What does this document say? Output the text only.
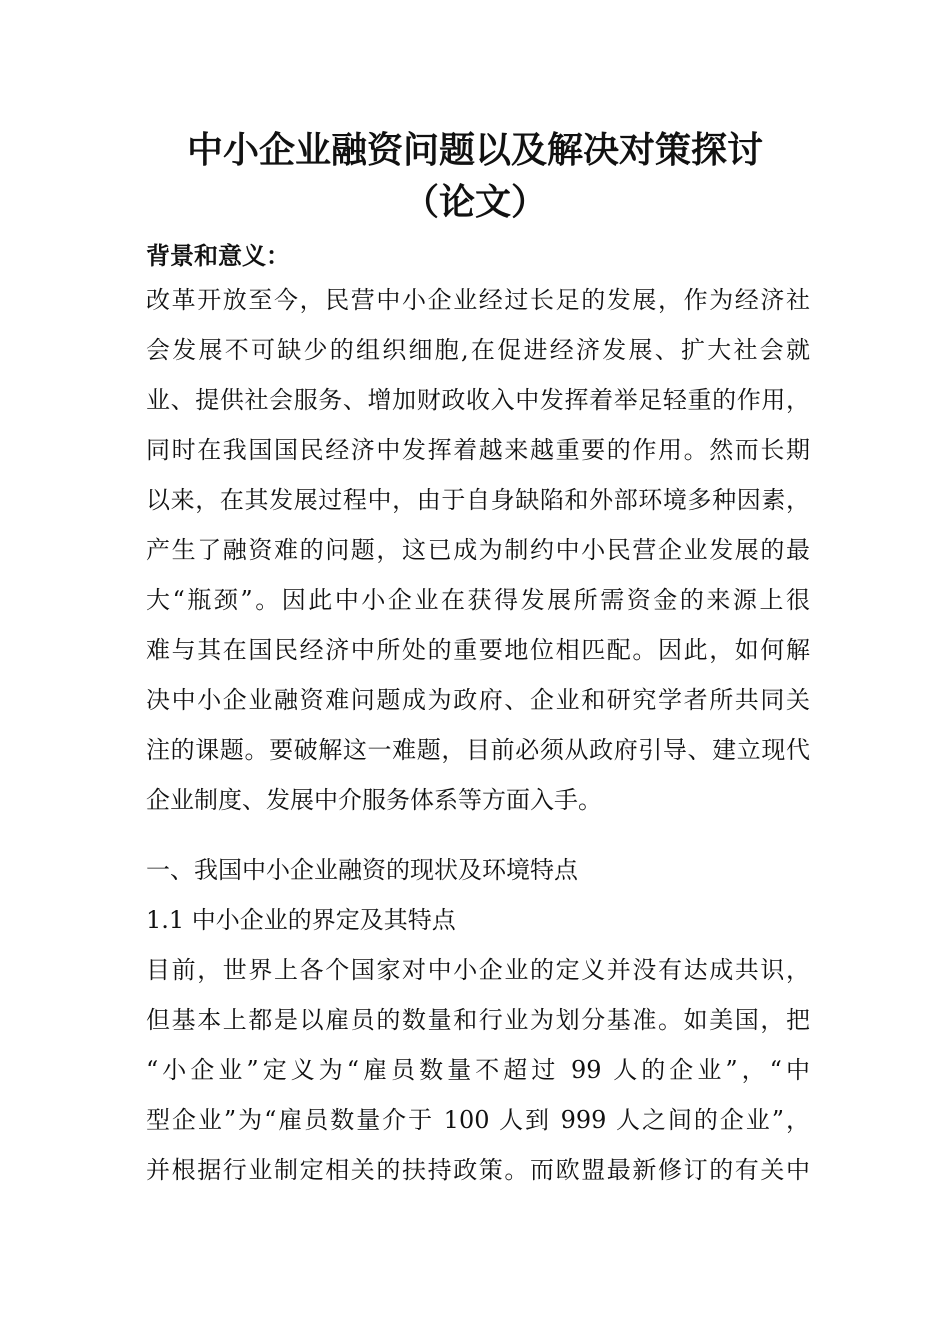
中小企业融资问题以及解决对策探讨
（论文）
背景和意义：
改革开放至今，民营中小企业经过长足的发展，作为经济社
会发展不可缺少的组织细胞,在促进经济发展、扩大社会就
业、提供社会服务、增加财政收入中发挥着举足轻重的作用，
同时在我国国民经济中发挥着越来越重要的作用。然而长期
以来，在其发展过程中，由于自身缺陷和外部环境多种因素，
产生了融资难的问题，这已成为制约中小民营企业发展的最
大“瓶颈”。因此中小企业在获得发展所需资金的来源上很
难与其在国民经济中所处的重要地位相匹配。因此，如何解
决中小企业融资难问题成为政府、企业和研究学者所共同关
注的课题。要破解这一难题，目前必须从政府引导、建立现代
企业制度、发展中介服务体系等方面入手。
一、我国中小企业融资的现状及环境特点
1.1 中小企业的界定及其特点
目前，世界上各个国家对中小企业的定义并没有达成共识，
但基本上都是以雇员的数量和行业为划分基准。如美国，把
“小企业”定义为“雇员数量不超过 99 人的企业”，“中
型企业”为“雇员数量介于 100 人到 999 人之间的企业”，
并根据行业制定相关的扶持政策。而欧盟最新修订的有关中
